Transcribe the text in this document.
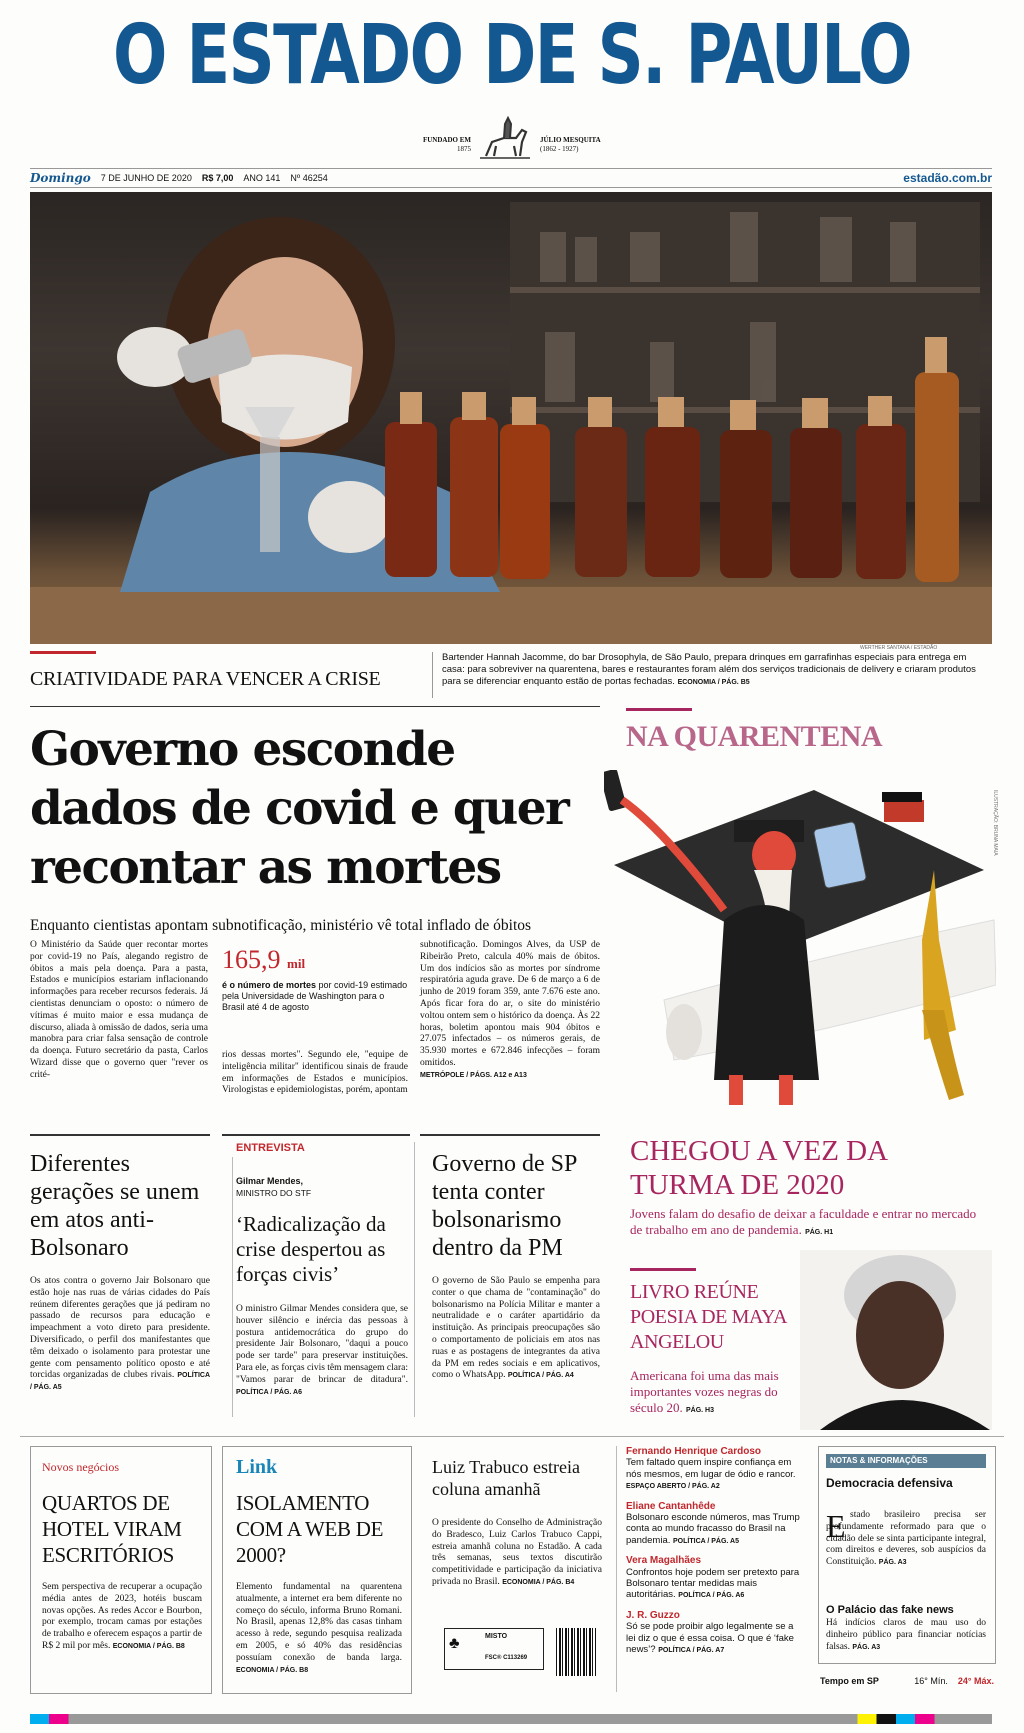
O ESTADO DE S. PAULO
FUNDADO EM
1875
JÚLIO MESQUITA
(1862 - 1927)
Domingo 7 DE JUNHO DE 2020 R$ 7,00 ANO 141 Nº 46254	estadão.com.br
WERTHER SANTANA / ESTADÃO
CRIATIVIDADE PARA VENCER A CRISE
Bartender Hannah Jacomme, do bar Drosophyla, de São Paulo, prepara drinques em garrafinhas especiais para entrega em casa: para sobreviver na quarentena, bares e restaurantes foram além dos serviços tradicionais de delivery e criaram produtos para se diferenciar enquanto estão de portas fechadas. ECONOMIA / PÁG. B5
Governo esconde dados de covid e quer recontar as mortes
Enquanto cientistas apontam subnotificação, ministério vê total inflado de óbitos
O Ministério da Saúde quer recontar mortes por covid-19 no País, alegando registro de óbitos a mais pela doença. Para a pasta, Estados e municípios estariam inflacionando informações para receber recursos federais. Já cientistas denunciam o oposto: o número de vítimas é muito maior e essa mudança de discurso, aliada à omissão de dados, seria uma manobra para criar falsa sensação de controle da doença. Futuro secretário da pasta, Carlos Wizard disse que o governo quer "rever os crité-
165,9 mil
é o número de mortes por covid-19 estimado pela Universidade de Washington para o Brasil até 4 de agosto
rios dessas mortes". Segundo ele, "equipe de inteligência militar" identificou sinais de fraude em informações de Estados e municípios. Virologistas e epidemiologistas, porém, apontam
subnotificação. Domingos Alves, da USP de Ribeirão Preto, calcula 40% mais de óbitos. Um dos indícios são as mortes por síndrome respiratória aguda grave. De 6 de março a 6 de junho de 2019 foram 359, ante 7.676 este ano. Após ficar fora do ar, o site do ministério voltou ontem sem o histórico da doença. Às 22 horas, boletim apontou mais 904 óbitos e 27.075 infectados – os números gerais, de 35.930 mortes e 672.846 infecções – foram omitidos.
METRÓPOLE / PÁGS. A12 e A13
Diferentes gerações se unem em atos anti-Bolsonaro
Os atos contra o governo Jair Bolsonaro que estão hoje nas ruas de várias cidades do País reúnem diferentes gerações que já pediram no passado de recursos para educação e impeachment a voto direto para presidente. Diversificado, o perfil dos manifestantes que têm deixado o isolamento para protestar une gente com pensamento político oposto e até torcidas organizadas de clubes rivais. POLÍTICA / PÁG. A5
ENTREVISTA
Gilmar Mendes,
MINISTRO DO STF
‘Radicalização da crise despertou as forças civis’
O ministro Gilmar Mendes considera que, se houver silêncio e inércia das pessoas à postura antidemocrática do grupo do presidente Jair Bolsonaro, "daqui a pouco pode ser tarde" para preservar instituições. Para ele, as forças civis têm mensagem clara: "Vamos parar de brincar de ditadura". POLÍTICA / PÁG. A6
Governo de SP tenta conter bolsonarismo dentro da PM
O governo de São Paulo se empenha para conter o que chama de "contaminação" do bolsonarismo na Polícia Militar e manter a neutralidade e o caráter apartidário da instituição. As principais preocupações são o comportamento de policiais em atos nas ruas e as postagens de integrantes da ativa da PM em redes sociais e em aplicativos, como o WhatsApp. POLÍTICA / PÁG. A4
NA QUARENTENA
ILUSTRAÇÃO: BRUNA MAIA
CHEGOU A VEZ DA TURMA DE 2020
Jovens falam do desafio de deixar a faculdade e entrar no mercado de trabalho em ano de pandemia. PÁG. H1
LIVRO REÚNE POESIA DE MAYA ANGELOU
Americana foi uma das mais importantes vozes negras do século 20. PÁG. H3
Novos negócios
QUARTOS DE HOTEL VIRAM ESCRITÓRIOS
Sem perspectiva de recuperar a ocupação média antes de 2023, hotéis buscam novas opções. As redes Accor e Bourbon, por exemplo, trocam camas por estações de trabalho e oferecem espaços a partir de R$ 2 mil por mês. ECONOMIA / PÁG. B8
Link
ISOLAMENTO COM A WEB DE 2000?
Elemento fundamental na quarentena atualmente, a internet era bem diferente no começo do século, informa Bruno Romani. No Brasil, apenas 12,8% das casas tinham acesso à rede, segundo pesquisa realizada em 2005, e só 40% das residências possuíam conexão de banda larga. ECONOMIA / PÁG. B8
Luiz Trabuco estreia coluna amanhã
O presidente do Conselho de Administração do Bradesco, Luiz Carlos Trabuco Cappi, estreia amanhã coluna no Estadão. A cada três semanas, seus textos discutirão competitividade e participação da iniciativa privada no Brasil. ECONOMIA / PÁG. B4
♣	MISTO
FSC® C113269
Fernando Henrique Cardoso
Tem faltado quem inspire confiança em nós mesmos, em lugar de ódio e rancor. ESPAÇO ABERTO / PÁG. A2
Eliane Cantanhêde
Bolsonaro esconde números, mas Trump conta ao mundo fracasso do Brasil na pandemia. POLÍTICA / PÁG. A5
Vera Magalhães
Confrontos hoje podem ser pretexto para Bolsonaro tentar medidas mais autoritárias. POLÍTICA / PÁG. A6
J. R. Guzzo
Só se pode proibir algo legalmente se a lei diz o que é essa coisa. O que é ‘fake news’? POLÍTICA / PÁG. A7
NOTAS & INFORMAÇÕES
Democracia defensiva
E stado brasileiro precisa ser profundamente reformado para que o cidadão dele se sinta participante integral, com direitos e deveres, sob auspícios da Constituição. PÁG. A3
O Palácio das fake news
Há indícios claros de mau uso do dinheiro público para financiar notícias falsas. PÁG. A3
Tempo em SP	16° Mín. 24° Máx.
